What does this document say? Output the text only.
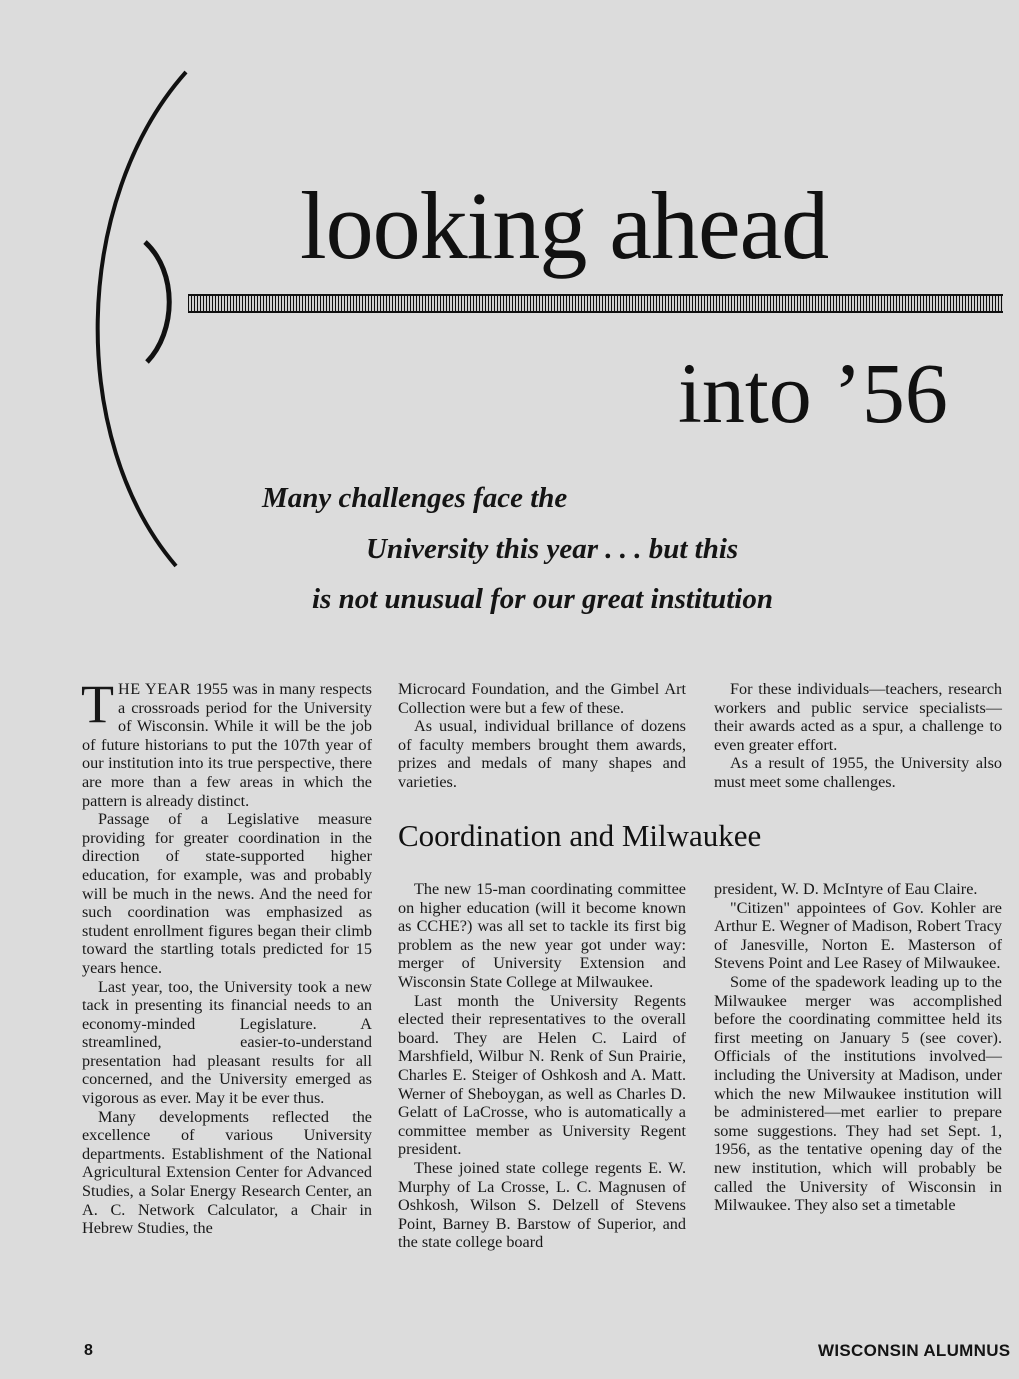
looking ahead
into ’56
Many challenges face the
University this year . . . but this
is not unusual for our great institution

THE YEAR 1955 was in many respects a crossroads period for the University of Wisconsin. While it will be the job of future historians to put the 107th year of our institution into its true perspective, there are more than a few areas in which the pattern is already distinct.

Passage of a Legislative measure providing for greater coordination in the direction of state-supported higher education, for example, was and probably will be much in the news. And the need for such coordination was emphasized as student enrollment figures began their climb toward the startling totals predicted for 15 years hence.

Last year, too, the University took a new tack in presenting its financial needs to an economy-minded Legislature. A streamlined, easier-to-understand presentation had pleasant results for all concerned, and the University emerged as vigorous as ever. May it be ever thus.

Many developments reflected the excellence of various University departments. Establishment of the National Agricultural Extension Center for Advanced Studies, a Solar Energy Research Center, an A. C. Network Calculator, a Chair in Hebrew Studies, the

Microcard Foundation, and the Gimbel Art Collection were but a few of these.

As usual, individual brillance of dozens of faculty members brought them awards, prizes and medals of many shapes and varieties.

For these individuals—teachers, research workers and public service specialists—their awards acted as a spur, a challenge to even greater effort.

As a result of 1955, the University also must meet some challenges.

Coordination and Milwaukee

The new 15-man coordinating committee on higher education (will it become known as CCHE?) was all set to tackle its first big problem as the new year got under way: merger of University Extension and Wisconsin State College at Milwaukee.

Last month the University Regents elected their representatives to the overall board. They are Helen C. Laird of Marshfield, Wilbur N. Renk of Sun Prairie, Charles E. Steiger of Oshkosh and A. Matt. Werner of Sheboygan, as well as Charles D. Gelatt of LaCrosse, who is automatically a committee member as University Regent president.

These joined state college regents E. W. Murphy of La Crosse, L. C. Magnusen of Oshkosh, Wilson S. Delzell of Stevens Point, Barney B. Barstow of Superior, and the state college board

president, W. D. McIntyre of Eau Claire.

"Citizen" appointees of Gov. Kohler are Arthur E. Wegner of Madison, Robert Tracy of Janesville, Norton E. Masterson of Stevens Point and Lee Rasey of Milwaukee.

Some of the spadework leading up to the Milwaukee merger was accomplished before the coordinating committee held its first meeting on January 5 (see cover). Officials of the institutions involved—including the University at Madison, under which the new Milwaukee institution will be administered—met earlier to prepare some suggestions. They had set Sept. 1, 1956, as the tentative opening day of the new institution, which will probably be called the University of Wisconsin in Milwaukee. They also set a timetable

8	WISCONSIN ALUMNUS
